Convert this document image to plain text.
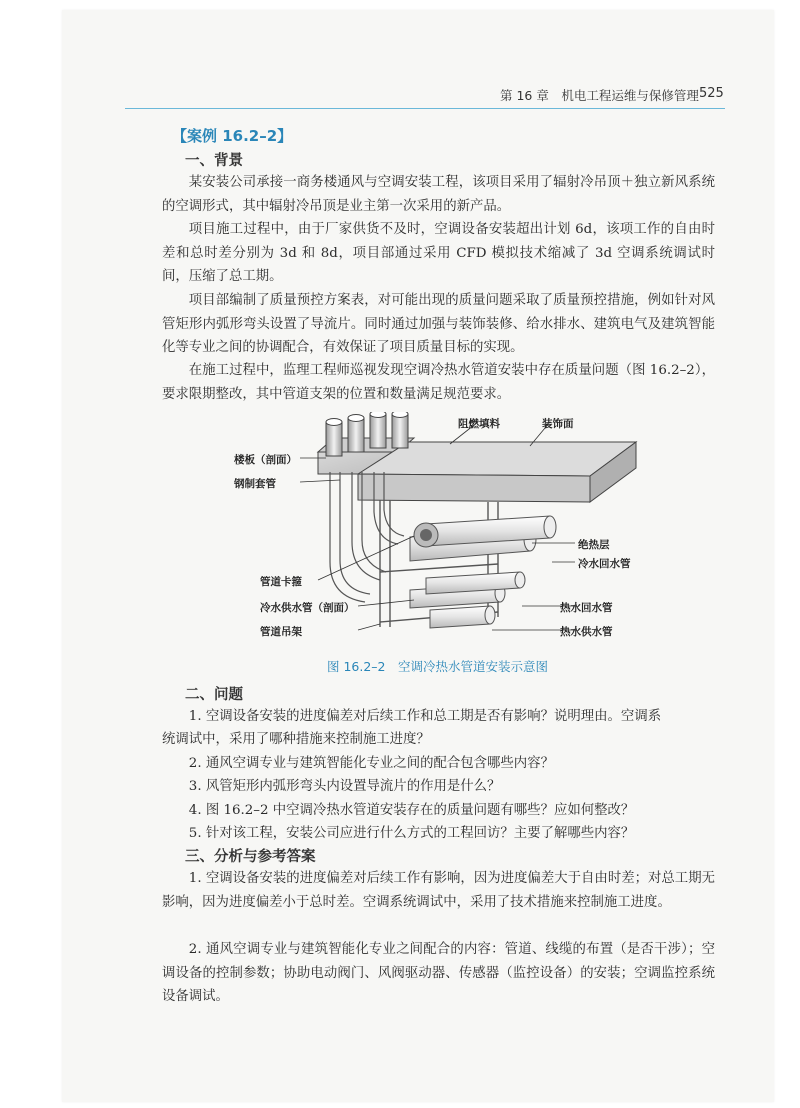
第 16 章　机电工程运维与保修管理 525
【案例 16.2–2】
一、背景
某安装公司承接一商务楼通风与空调安装工程，该项目采用了辐射冷吊顶＋独立新风系统的空调形式，其中辐射冷吊顶是业主第一次采用的新产品。
项目施工过程中，由于厂家供货不及时，空调设备安装超出计划 6d，该项工作的自由时差和总时差分别为 3d 和 8d，项目部通过采用 CFD 模拟技术缩减了 3d 空调系统调试时间，压缩了总工期。
项目部编制了质量预控方案表，对可能出现的质量问题采取了质量预控措施，例如针对风管矩形内弧形弯头设置了导流片。同时通过加强与装饰装修、给水排水、建筑电气及建筑智能化等专业之间的协调配合，有效保证了项目质量目标的实现。
在施工过程中，监理工程师巡视发现空调冷热水管道安装中存在质量问题（图 16.2–2），要求限期整改，其中管道支架的位置和数量满足规范要求。
阻燃填料	装饰面
楼板（剖面）
钢制套管
绝热层
冷水回水管
管道卡箍
热水回水管
冷水供水管（剖面）
热水供水管
管道吊架
图 16.2–2　空调冷热水管道安装示意图
二、问题
1. 空调设备安装的进度偏差对后续工作和总工期是否有影响？说明理由。空调系
统调试中，采用了哪种措施来控制施工进度？
2. 通风空调专业与建筑智能化专业之间的配合包含哪些内容？
3. 风管矩形内弧形弯头内设置导流片的作用是什么？
4. 图 16.2–2 中空调冷热水管道安装存在的质量问题有哪些？应如何整改？
5. 针对该工程，安装公司应进行什么方式的工程回访？主要了解哪些内容？
三、分析与参考答案
1. 空调设备安装的进度偏差对后续工作有影响，因为进度偏差大于自由时差；对总工期无影响，因为进度偏差小于总时差。空调系统调试中，采用了技术措施来控制施工进度。
2. 通风空调专业与建筑智能化专业之间配合的内容：管道、线缆的布置（是否干涉）；空调设备的控制参数；协助电动阀门、风阀驱动器、传感器（监控设备）的安装；空调监控系统设备调试。
